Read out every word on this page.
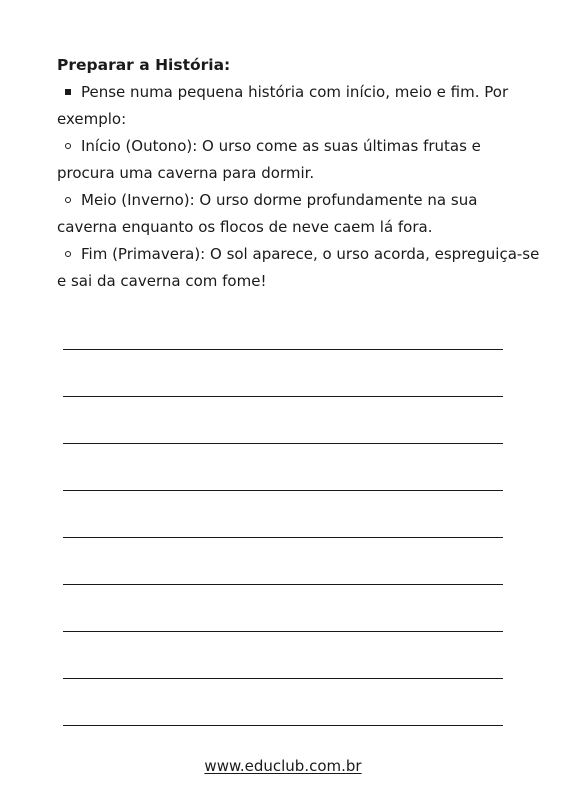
Preparar a História:
Pense numa pequena história com início, meio e fim. Por
exemplo:
Início (Outono): O urso come as suas últimas frutas e
procura uma caverna para dormir.
Meio (Inverno): O urso dorme profundamente na sua
caverna enquanto os flocos de neve caem lá fora.
Fim (Primavera): O sol aparece, o urso acorda, espreguiça-se
e sai da caverna com fome!
www.educlub.com.br
